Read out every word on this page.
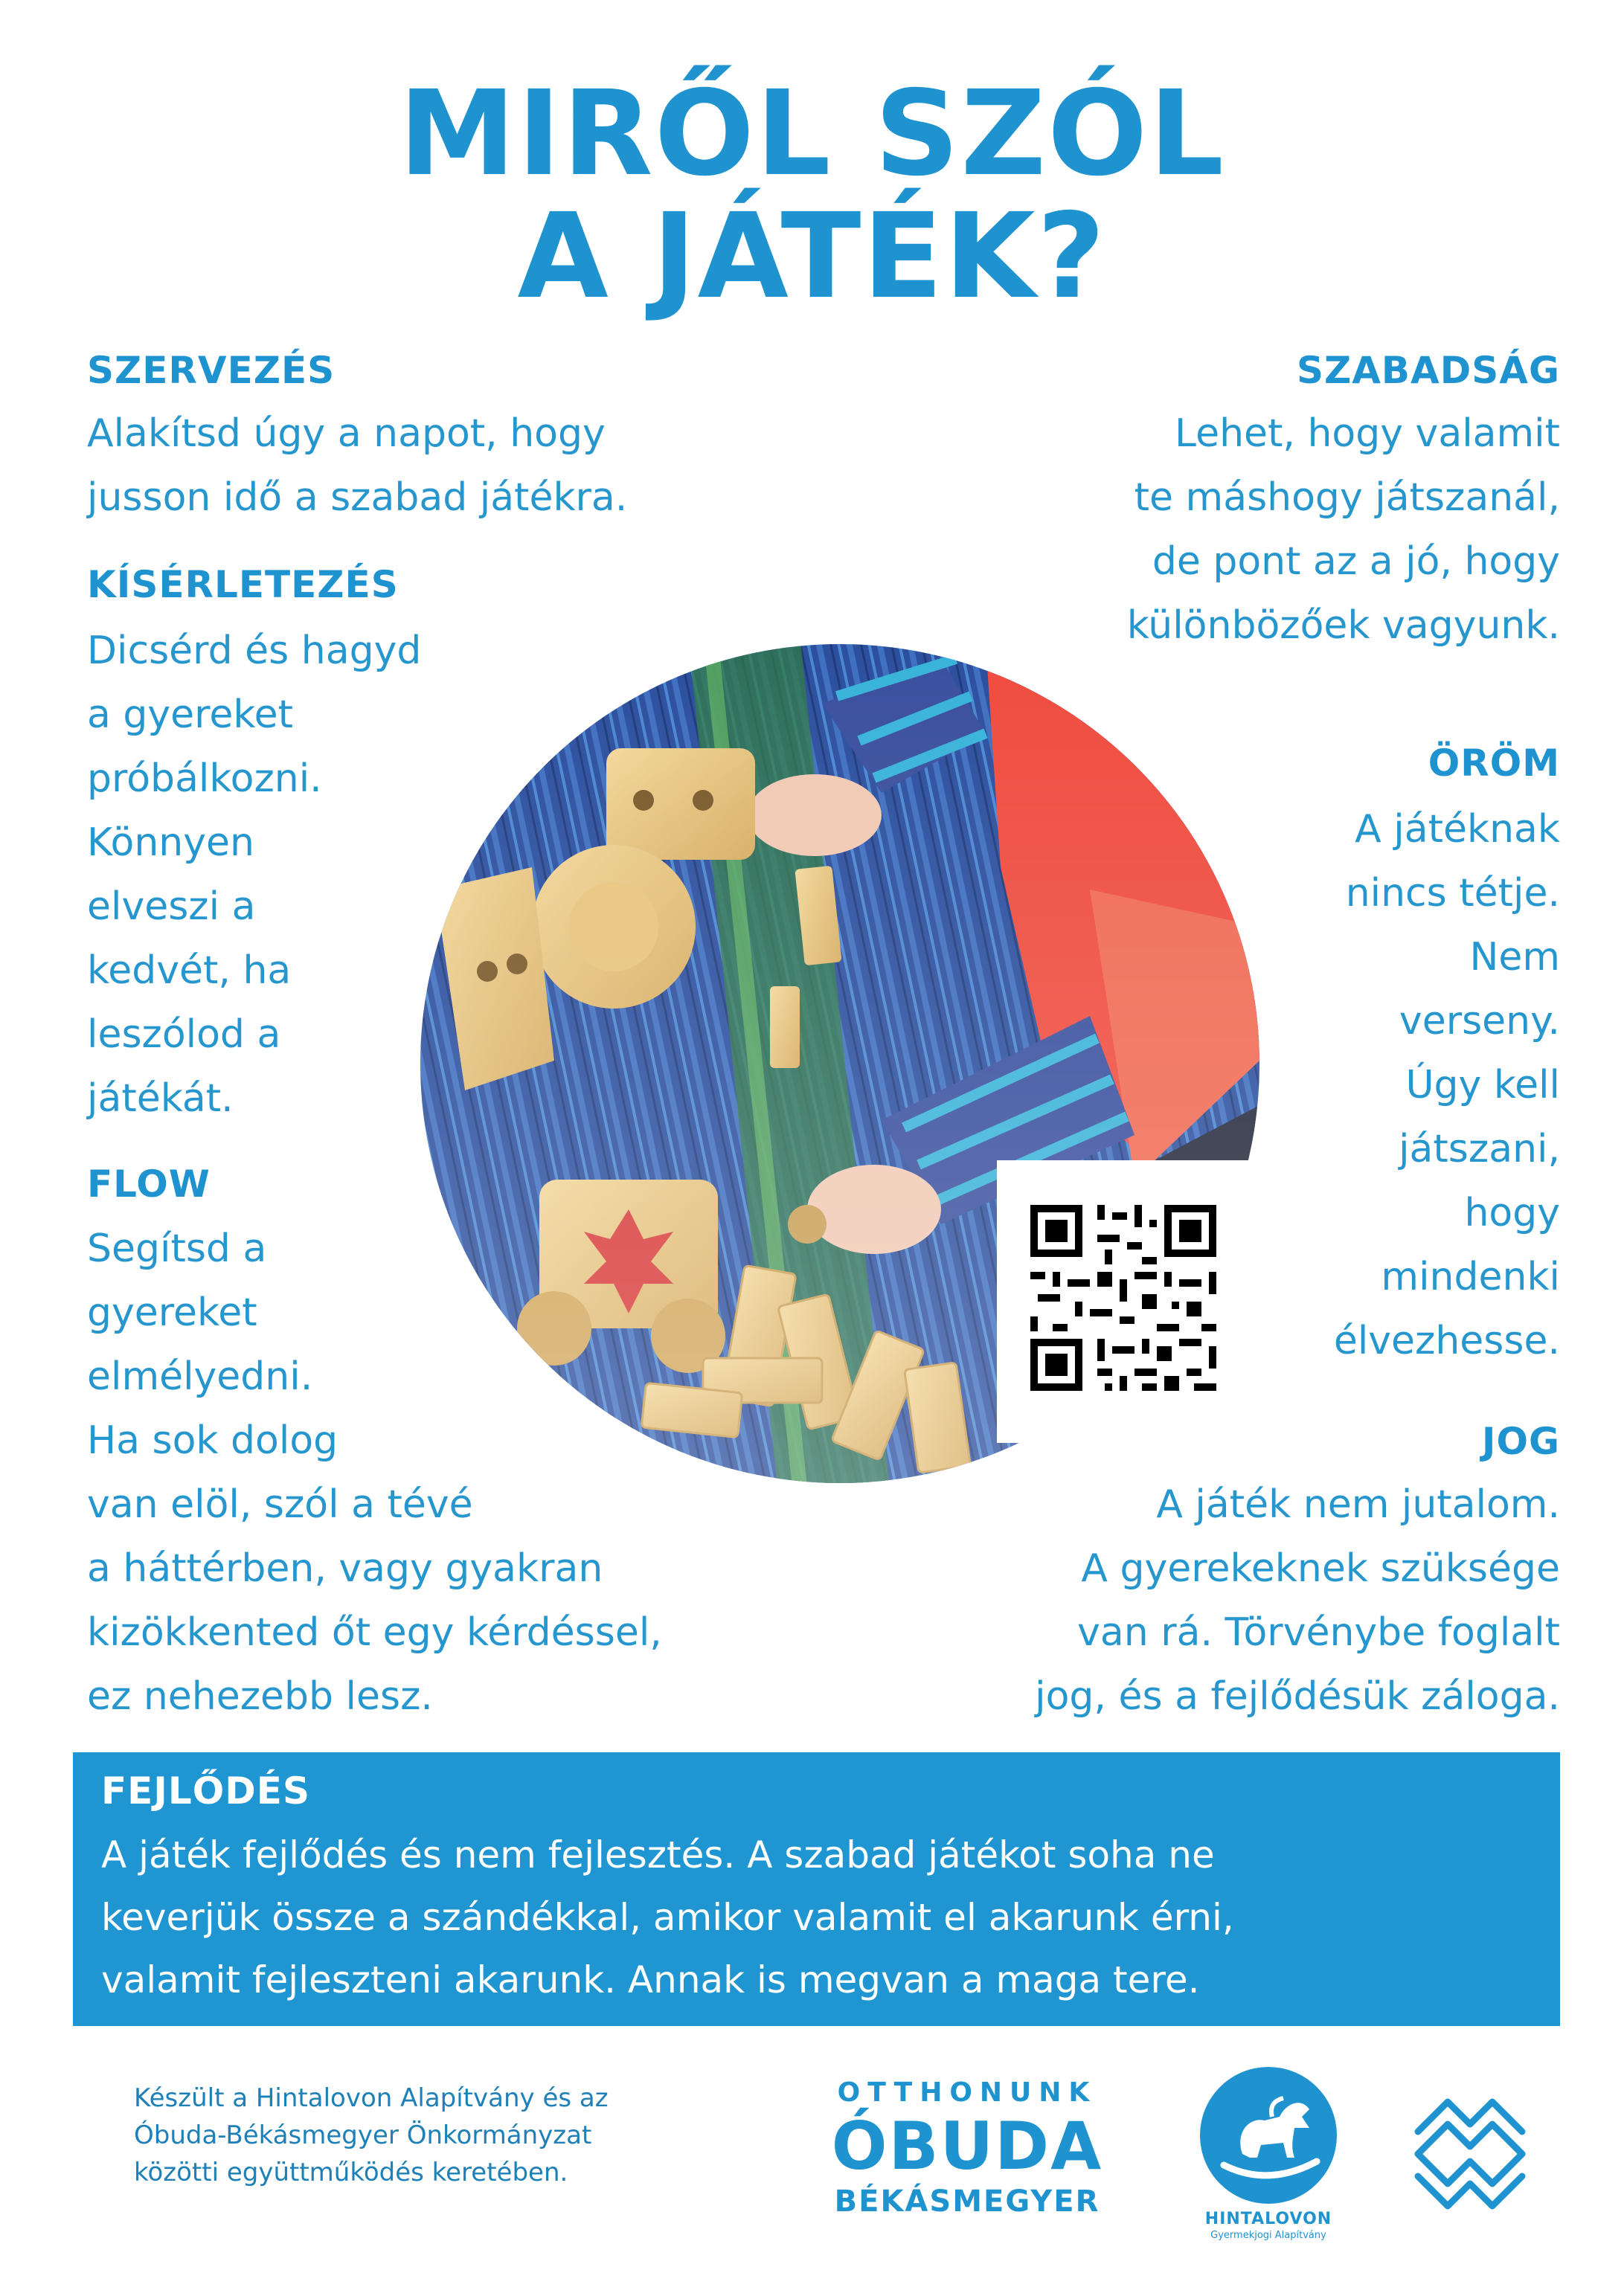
MIRŐL SZÓL
A JÁTÉK?
SZERVEZÉS
Alakítsd úgy a napot, hogy
jusson idő a szabad játékra.
KÍSÉRLETEZÉS
Dicsérd és hagyd
a gyereket
próbálkozni.
Könnyen
elveszi a
kedvét, ha
leszólod a
játékát.
FLOW
Segítsd a
gyereket
elmélyedni.
Ha sok dolog
van elöl, szól a tévé
a háttérben, vagy gyakran
kizökkented őt egy kérdéssel,
ez nehezebb lesz.
SZABADSÁG
Lehet, hogy valamit
te máshogy játszanál,
de pont az a jó, hogy
különbözőek vagyunk.
ÖRÖM
A játéknak
nincs tétje.
Nem
verseny.
Úgy kell
játszani,
hogy
mindenki
élvezhesse.
JOG
A játék nem jutalom.
A gyerekeknek szüksége
van rá. Törvénybe foglalt
jog, és a fejlődésük záloga.
FEJLŐDÉS
A játék fejlődés és nem fejlesztés. A szabad játékot soha ne
keverjük össze a szándékkal, amikor valamit el akarunk érni,
valamit fejleszteni akarunk. Annak is megvan a maga tere.
Készült a Hintalovon Alapítvány és az
Óbuda-Békásmegyer Önkormányzat
közötti együttműködés keretében.
OTTHONUNK
ÓBUDA
BÉKÁSMEGYER
HINTALOVON
Gyermekjogi Alapítvány
